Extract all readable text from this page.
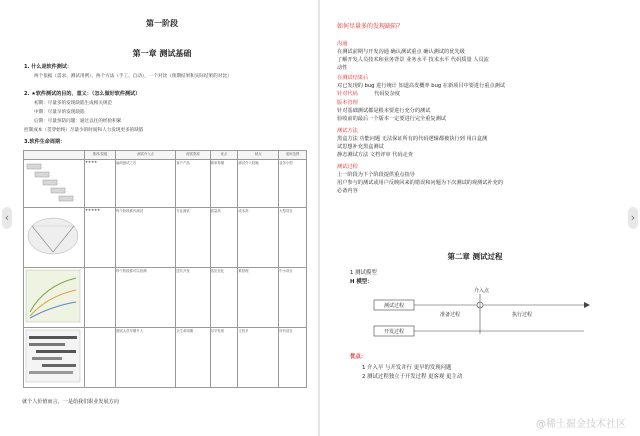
‹	›
第一阶段
第一章 测试基础
1. 什么是软件测试：
两个依据（需求、测试用例），两个方法（手工、自动），一个对比（预期结果和实际结果的对比）
2. ★软件测试的目的、意义：（怎么做好软件测试）
初期：尽量多的发现缺陷生成相关规范
中期：尽量早的发现缺陷
后期：尽量预防问题：通过以往的经验积累
控制成本（贯穿始终）尽量少的时间和人力发现更多的缺陷
3.软件生命周期：
	推荐/星级	测试介入点	测试资源	优点	缺点	适用范围
	★★★★	编码测试之后	客户产品	简单易懂	测试介入较晚	业务小型
	★★★★★	每个阶段都有测试	专业测试	质量高	成本高	大型项目
		每个阶段都可以回溯	迭代开发	适应变化	难管理	中小项目
		测试人员早期介入	全生命周期	尽早发现	文档多	所有项目
就个人价值而言，一是给我们职业发展方向
如何尽量多的发现缺陷？
沟通
在测试前期与开发沟通 确认测试重点 确认测试的优先级
了解开发人员技术和业务背景 业务水平 技术水平 代码质量 人员流
动性
在测试结果后
对已发现的 bug 进行统计 知道高发概率 bug 在新项目中要进行重点测试
针对代码	代码复杂度
版本管理
针对基础测试都是根本要进行充分的测试
验收前的最后一个版本一定要进行完全重复测试
测试方法
黑盒方法 功能问题 无法保证所有的代码逻辑都被执行到 用白盒测
试思想补充黑盒测试
静态测试方法 文档评审 代码走查
测试过程
上一阶段为下个阶段提供重点指导
用户参与的测试或用户反映回来的错误和问题为下次测试的观测试补充的
必备内容
第二章 测试过程
1 测试模型
H 模型：
测试过程
介入点
准备过程	执行过程
开发过程
优点：
1 介入早 与开发并行 更早的发现问题
2 测试过程独立于开发过程 更客观 更主动
@稀土掘金技术社区
